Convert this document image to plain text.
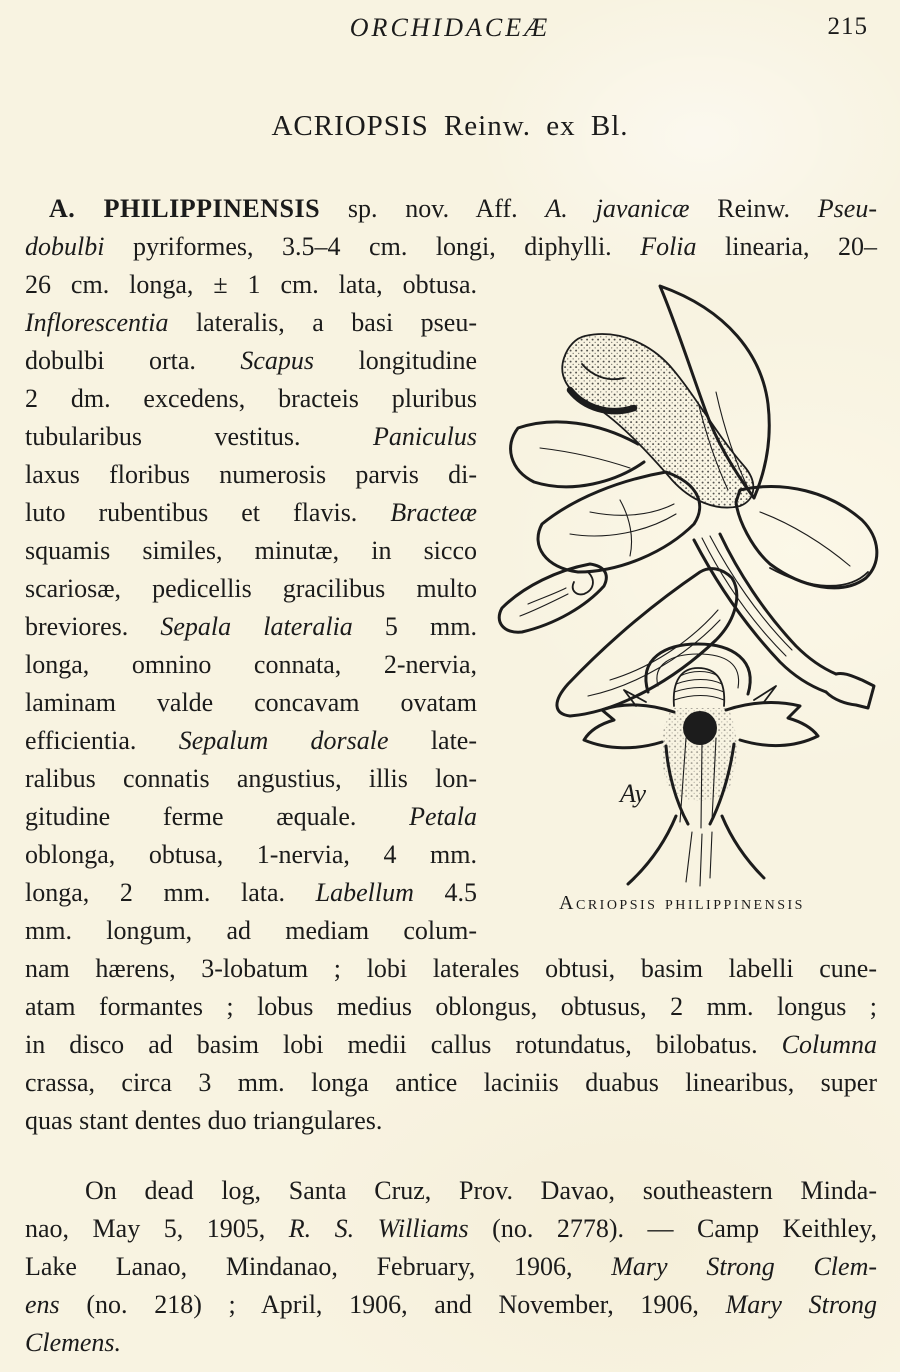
ORCHIDACEÆ	215
ACRIOPSIS Reinw. ex Bl.
A. PHILIPPINENSIS sp. nov. Aff. A. javanicæ Reinw. Pseu-
dobulbi pyriformes, 3.5–4 cm. longi, diphylli. Folia linearia, 20–
26 cm. longa, ± 1 cm. lata, obtusa.
Inflorescentia lateralis, a basi pseu-
dobulbi orta. Scapus longitudine
2 dm. excedens, bracteis pluribus
tubularibus vestitus. Paniculus
laxus floribus numerosis parvis di-
luto rubentibus et flavis. Bracteæ
squamis similes, minutæ, in sicco
scariosæ, pedicellis gracilibus multo
breviores. Sepala lateralia 5 mm.
longa, omnino connata, 2-nervia,
laminam valde concavam ovatam
efficientia. Sepalum dorsale late-
ralibus connatis angustius, illis lon-
gitudine ferme æquale. Petala
oblonga, obtusa, 1-nervia, 4 mm.
longa, 2 mm. lata. Labellum 4.5
mm. longum, ad mediam colum-
nam hærens, 3-lobatum ; lobi laterales obtusi, basim labelli cune-
atam formantes ; lobus medius oblongus, obtusus, 2 mm. longus ;
in disco ad basim lobi medii callus rotundatus, bilobatus. Columna
crassa, circa 3 mm. longa antice laciniis duabus linearibus, super
quas stant dentes duo triangulares.
On dead log, Santa Cruz, Prov. Davao, southeastern Minda-
nao, May 5, 1905, R. S. Williams (no. 2778). — Camp Keithley,
Lake Lanao, Mindanao, February, 1906, Mary Strong Clem-
ens (no. 218) ; April, 1906, and November, 1906, Mary Strong
Clemens.
Ay
Acriopsis philippinensis
